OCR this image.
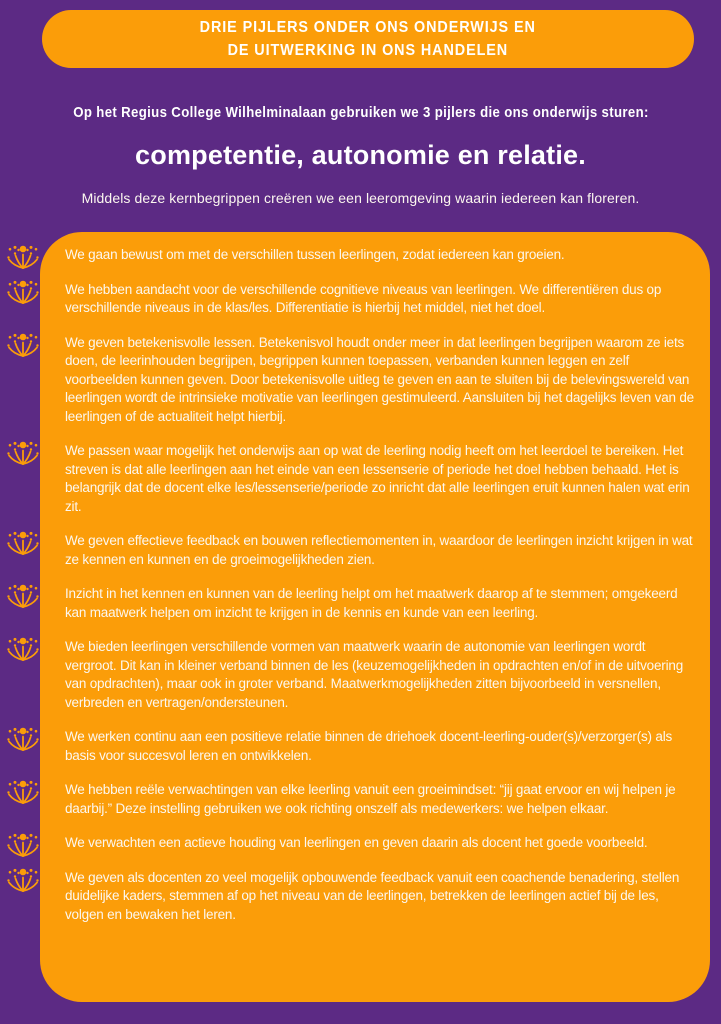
DRIE PIJLERS ONDER ONS ONDERWIJS EN
DE UITWERKING IN ONS HANDELEN
Op het Regius College Wilhelminalaan gebruiken we 3 pijlers die ons onderwijs sturen:
competentie, autonomie en relatie.
Middels deze kernbegrippen creëren we een leeromgeving waarin iedereen kan floreren.

We gaan bewust om met de verschillen tussen leerlingen, zodat iedereen kan groeien.

We hebben aandacht voor de verschillende cognitieve niveaus van leerlingen. We differentiëren dus op verschillende niveaus in de klas/les. Differentiatie is hierbij het middel, niet het doel.

We geven betekenisvolle lessen. Betekenisvol houdt onder meer in dat leerlingen begrijpen waarom ze iets doen, de leerinhouden begrijpen, begrippen kunnen toepassen, verbanden kunnen leggen en zelf voorbeelden kunnen geven. Door betekenisvolle uitleg te geven en aan te sluiten bij de belevingswereld van leerlingen wordt de intrinsieke motivatie van leerlingen gestimuleerd. Aansluiten bij het dagelijks leven van de leerlingen of de actualiteit helpt hierbij.

We passen waar mogelijk het onderwijs aan op wat de leerling nodig heeft om het leerdoel te bereiken. Het streven is dat alle leerlingen aan het einde van een lessenserie of periode het doel hebben behaald. Het is belangrijk dat de docent elke les/lessenserie/periode zo inricht dat alle leerlingen eruit kunnen halen wat erin zit.

We geven effectieve feedback en bouwen reflectiemomenten in, waardoor de leerlingen inzicht krijgen in wat ze kennen en kunnen en de groeimogelijkheden zien.

Inzicht in het kennen en kunnen van de leerling helpt om het maatwerk daarop af te stemmen; omgekeerd kan maatwerk helpen om inzicht te krijgen in de kennis en kunde van een leerling.

We bieden leerlingen verschillende vormen van maatwerk waarin de autonomie van leerlingen wordt vergroot. Dit kan in kleiner verband binnen de les (keuzemogelijkheden in opdrachten en/of in de uitvoering van opdrachten), maar ook in groter verband. Maatwerkmogelijkheden zitten bijvoorbeeld in versnellen, verbreden en vertragen/ondersteunen.

We werken continu aan een positieve relatie binnen de driehoek docent-leerling-ouder(s)/verzorger(s) als basis voor succesvol leren en ontwikkelen.

We hebben reële verwachtingen van elke leerling vanuit een groeimindset: “jij gaat ervoor en wij helpen je daarbij.” Deze instelling gebruiken we ook richting onszelf als medewerkers: we helpen elkaar.

We verwachten een actieve houding van leerlingen en geven daarin als docent het goede voorbeeld.

We geven als docenten zo veel mogelijk opbouwende feedback vanuit een coachende benadering, stellen duidelijke kaders, stemmen af op het niveau van de leerlingen, betrekken de leerlingen actief bij de les, volgen en bewaken het leren.
